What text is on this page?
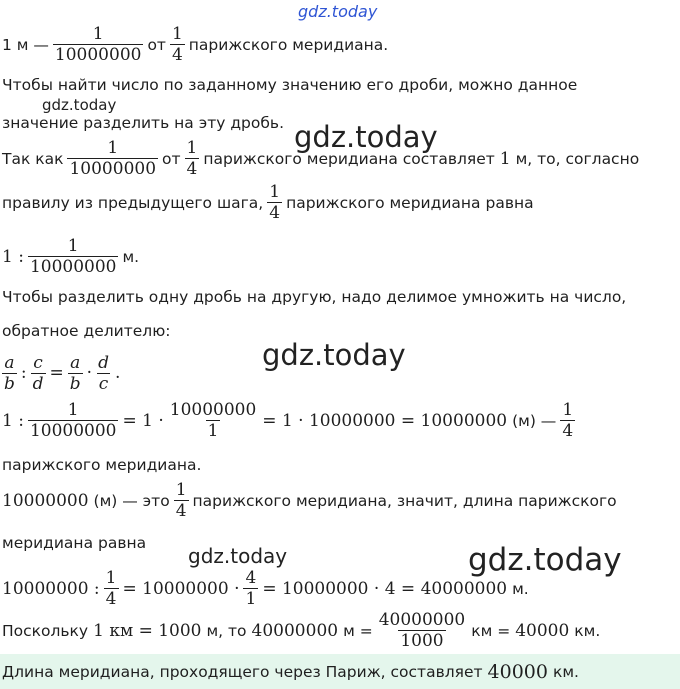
gdz.today
gdz.today
gdz.today
gdz.today
gdz.today	gdz.today
1 м — $\frac{1}{10000000}$ от $\frac{1}{4}$ парижского меридиана.
Чтобы найти число по заданному значению его дроби, можно данное
значение разделить на эту дробь.
Так как $\frac{1}{10000000}$ от $\frac{1}{4}$ парижского меридиана составляет 1 м, то, согласно
правилу из предыдущего шага, $\frac{1}{4}$ парижского меридиана равна
1 : $\frac{1}{10000000} м$.
Чтобы разделить одну дробь на другую, надо делимое умножить на число,
обратное делителю:
$\frac{a}{b}$ : $\frac{c}{d} = \frac{a}{b} \cdot \frac{d}{c}$ .
1 : $\frac{1}{10000000} = 1 \cdot \frac{10000000}{1} = 1 \cdot 10000000 = 10000000$ (м) — $\frac{1}{4}$
парижского меридиана.
10000000 (м) — это $\frac{1}{4}$ парижского меридиана, значит, длина парижского
меридиана равна
10000000 : $\frac{1}{4} = 10000000 \cdot \frac{4}{1} = 10000000 \cdot 4 = 40000000$ м.
Поскольку 1 км = 1000 м, то 40000000 $м = \frac{40000000}{1000}$ км = 40000 км.
Длина меридиана, проходящего через Париж, составляет 40000 км.
